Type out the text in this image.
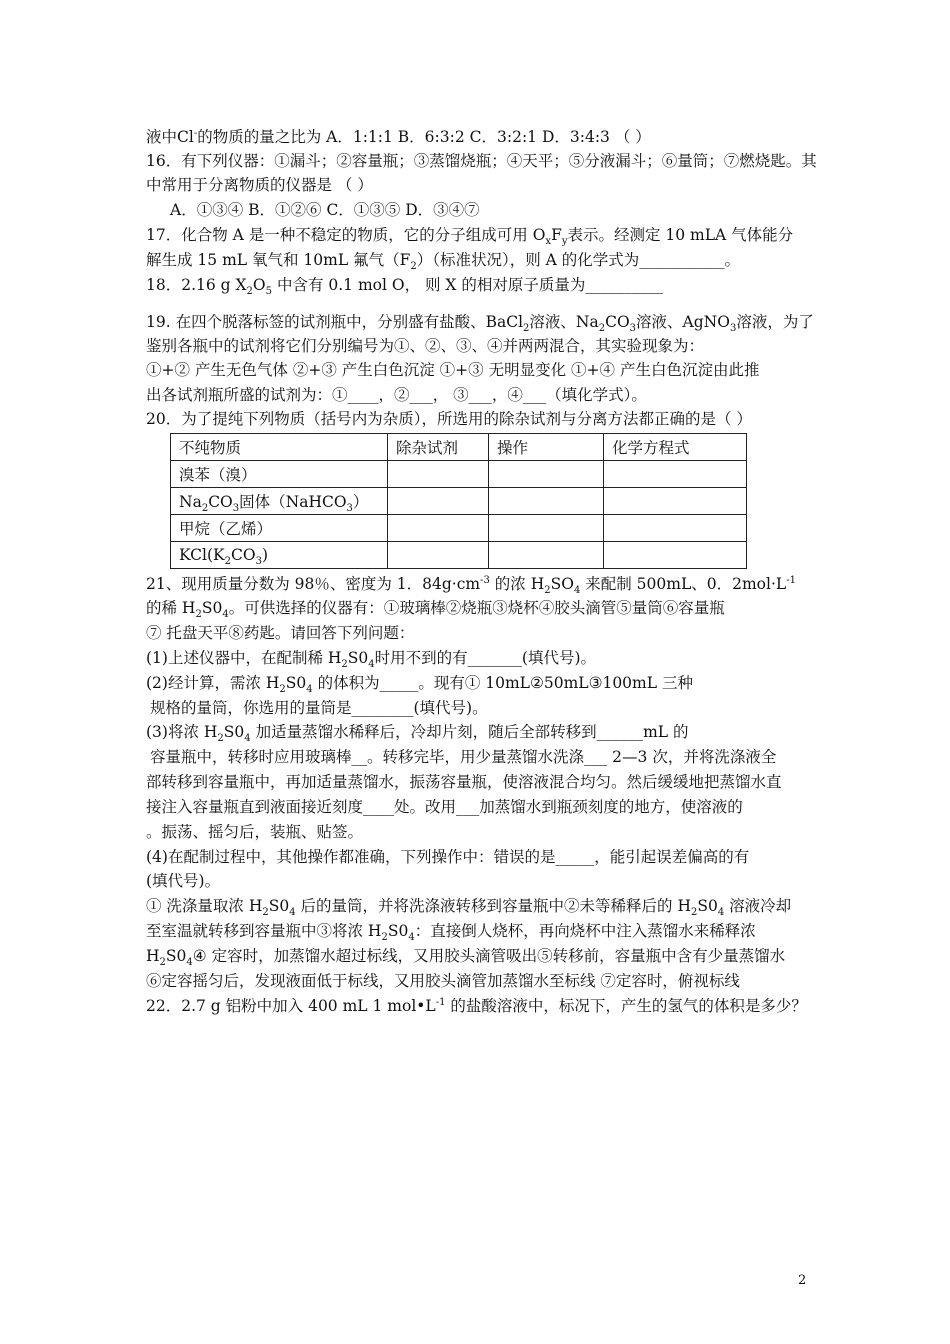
液中Cl-的物质的量之比为 A．1:1:1 B．6:3:2 C．3:2:1 D．3:4:3 （ ）
16．有下列仪器：①漏斗；②容量瓶；③蒸馏烧瓶；④天平；⑤分液漏斗；⑥量筒；⑦燃烧匙。其
中常用于分离物质的仪器是 （ ）
A．①③④ B．①②⑥ C．①③⑤ D．③④⑦
17．化合物 A 是一种不稳定的物质，它的分子组成可用 $O_xF_y$表示。经测定 10 mLA 气体能分
解生成 15 mL 氧气和 10mL 氟气$(F_2)$（标准状况），则 A 的化学式为___________。
18．2.16 g $X_2O_5$ 中含有 0.1 mol O， 则 X 的相对原子质量为__________
19. 在四个脱落标签的试剂瓶中，分别盛有盐酸、BaCl$_2$溶液、$Na_2CO_3$溶液、AgNO$_3$溶液，为了
鉴别各瓶中的试剂将它们分别编号为①、②、③、④并两两混合，其实验现象为：
①+② 产生无色气体 ②+③ 产生白色沉淀 ①+③ 无明显变化 ①+④ 产生白色沉淀由此推
出各试剂瓶所盛的试剂为：①____，②___， ③___，④___（填化学式）。
20．为了提纯下列物质（括号内为杂质），所选用的除杂试剂与分离方法都正确的是（ ）
不纯物质	除杂试剂	操作	化学方程式
溴苯（溴）			
$Na_2CO_3$固体（NaHCO$_3$）			
甲烷（乙烯）			
$KCl(K_2CO_3)$			
21、现用质量分数为 98％、密度为 1．$84g\cdot cm^{-3}$ 的浓 $H_2SO_4$ 来配制 500mL、0．$2mol\cdot L^{-1}$
的稀 $H_2S0_4$。可供选择的仪器有：①玻璃棒②烧瓶③烧杯④胶头滴管⑤量筒⑥容量瓶
⑦ 托盘天平⑧药匙。请回答下列问题：
(1)上述仪器中，在配制稀 $H_2S0_4$时用不到的有_______(填代号)。
(2)经计算，需浓 $H_2S0_4$ 的体积为_____。现有① 10mL②50mL③100mL 三种
规格的量筒，你选用的量筒是________(填代号)。
(3)将浓 $H_2S0_4$ 加适量蒸馏水稀释后，冷却片刻，随后全部转移到______mL 的
容量瓶中，转移时应用玻璃棒__。转移完毕，用少量蒸馏水洗涤___ 2—3 次，并将洗涤液全
部转移到容量瓶中，再加适量蒸馏水，振荡容量瓶，使溶液混合均匀。然后缓缓地把蒸馏水直
接注入容量瓶直到液面接近刻度____处。改用___加蒸馏水到瓶颈刻度的地方，使溶液的
。振荡、摇匀后，装瓶、贴签。
(4)在配制过程中，其他操作都准确，下列操作中：错误的是_____，能引起误差偏高的有
(填代号)。
① 洗涤量取浓 $H_2S0_4$ 后的量筒，并将洗涤液转移到容量瓶中②未等稀释后的 $H_2S0_4$ 溶液冷却
至室温就转移到容量瓶中③将浓 $H_2S0_4$：直接倒人烧杯，再向烧杯中注入蒸馏水来稀释浓
$H_2S0_4④$ 定容时，加蒸馏水超过标线，又用胶头滴管吸出⑤转移前，容量瓶中含有少量蒸馏水
⑥定容摇匀后，发现液面低于标线，又用胶头滴管加蒸馏水至标线 ⑦定容时，俯视标线
22．2.7 g 铝粉中加入 400 mL 1 $mol•L^{-1}$ 的盐酸溶液中，标况下，产生的氢气的体积是多少？
2
